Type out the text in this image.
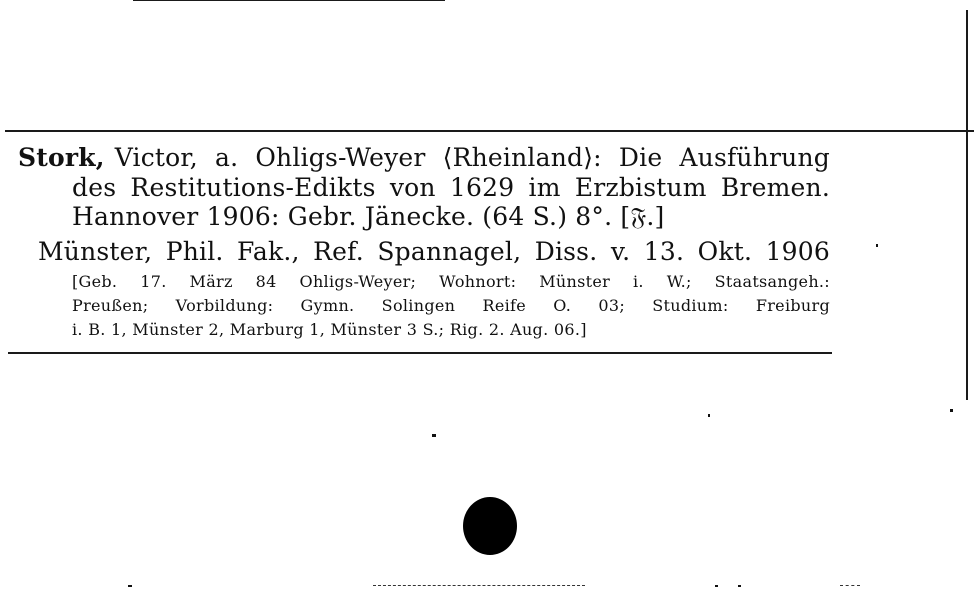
Stork, Victor, a. Ohligs-Weyer ⟨Rheinland⟩: Die Ausführung
des Restitutions-Edikts von 1629 im Erzbistum Bremen.
Hannover 1906: Gebr. Jänecke. (64 S.) 8°. [𝔉.]
Münster, Phil. Fak., Ref. Spannagel, Diss. v. 13. Okt. 1906
[Geb. 17. März 84 Ohligs-Weyer; Wohnort: Münster i. W.; Staatsangeh.:
Preußen; Vorbildung: Gymn. Solingen Reife O. 03; Studium: Freiburg
i. B. 1, Münster 2, Marburg 1, Münster 3 S.; Rig. 2. Aug. 06.]
